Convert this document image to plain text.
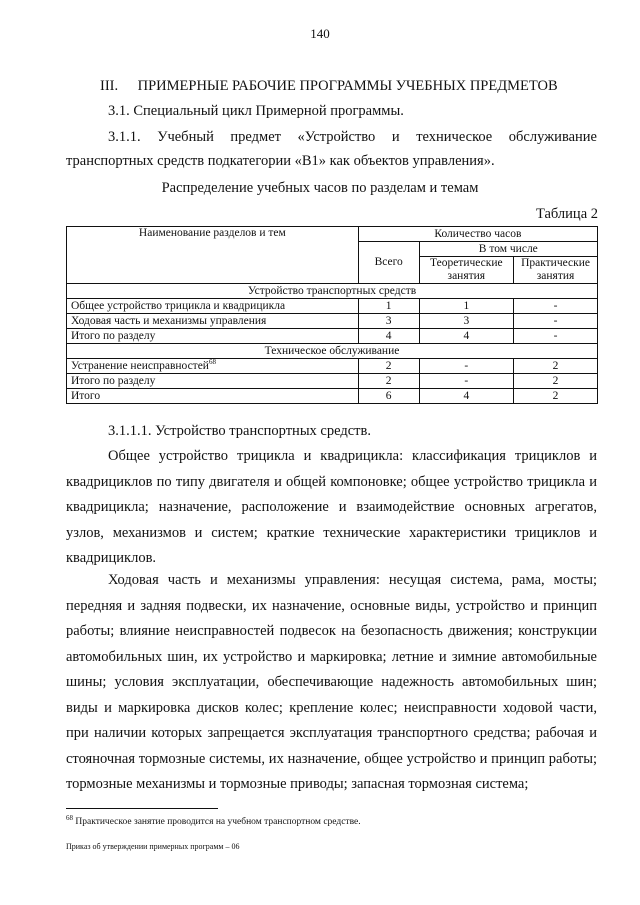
140
III. ПРИМЕРНЫЕ РАБОЧИЕ ПРОГРАММЫ УЧЕБНЫХ ПРЕДМЕТОВ
3.1. Специальный цикл Примерной программы.
3.1.1. Учебный предмет «Устройство и техническое обслуживание
транспортных средств подкатегории «В1» как объектов управления».
Распределение учебных часов по разделам и темам
Таблица 2
Наименование разделов и тем	Количество часов		
	Всего	В том числе	
		Теоретические занятия	Практические занятия
Устройство транспортных средств			
Общее устройство трицикла и квадрицикла	1	1	-
Ходовая часть и механизмы управления	3	3	-
Итого по разделу	4	4	-
Техническое обслуживание			
Устранение неисправностей$^{68}$	2	-	2
Итого по разделу	2	-	2
Итого	6	4	2
3.1.1.1. Устройство транспортных средств.

Общее устройство трицикла и квадрицикла: классификация трициклов и квадрициклов по типу двигателя и общей компоновке; общее устройство трицикла и квадрицикла; назначение, расположение и взаимодействие основных агрегатов, узлов, механизмов и систем; краткие технические характеристики трициклов и квадрициклов.

Ходовая часть и механизмы управления: несущая система, рама, мосты; передняя и задняя подвески, их назначение, основные виды, устройство и принцип работы; влияние неисправностей подвесок на безопасность движения; конструкции автомобильных шин, их устройство и маркировка; летние и зимние автомобильные шины; условия эксплуатации, обеспечивающие надежность автомобильных шин; виды и маркировка дисков колес; крепление колес; неисправности ходовой части, при наличии которых запрещается эксплуатация транспортного средства; рабочая и стояночная тормозные системы, их назначение, общее устройство и принцип работы; тормозные механизмы и тормозные приводы; запасная тормозная система;

$^{68}$ Практическое занятие проводится на учебном транспортном средстве.
Приказ об утверждении примерных программ – 06
